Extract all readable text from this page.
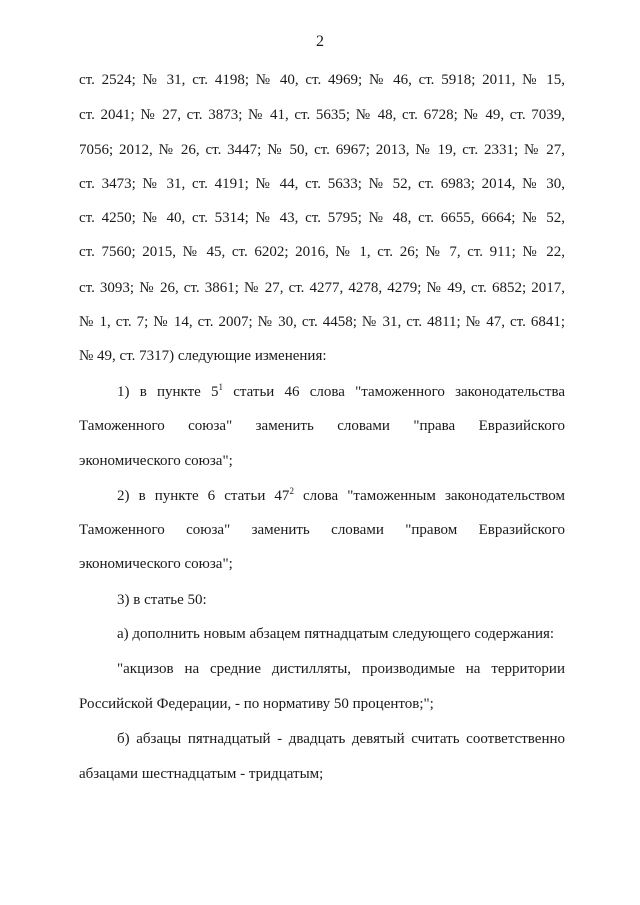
2
ст. 2524; № 31, ст. 4198; № 40, ст. 4969; № 46, ст. 5918; 2011, № 15,
ст. 2041; № 27, ст. 3873; № 41, ст. 5635; № 48, ст. 6728; № 49, ст. 7039,
7056; 2012, № 26, ст. 3447; № 50, ст. 6967; 2013, № 19, ст. 2331; № 27,
ст. 3473; № 31, ст. 4191; № 44, ст. 5633; № 52, ст. 6983; 2014, № 30,
ст. 4250; № 40, ст. 5314; № 43, ст. 5795; № 48, ст. 6655, 6664; № 52,
ст. 7560; 2015, № 45, ст. 6202; 2016, № 1, ст. 26; № 7, ст. 911; № 22,
ст. 3093; № 26, ст. 3861; № 27, ст. 4277, 4278, 4279; № 49, ст. 6852; 2017,
№ 1, ст. 7; № 14, ст. 2007; № 30, ст. 4458; № 31, ст. 4811; № 47, ст. 6841;
№ 49, ст. 7317) следующие изменения:
1) в пункте $5^1$ статьи 46 слова "таможенного законодательства
Таможенного союза" заменить словами "права Евразийского
экономического союза";
2) в пункте 6 статьи $47^2$ слова "таможенным законодательством
Таможенного союза" заменить словами "правом Евразийского
экономического союза";
3) в статье 50:
а) дополнить новым абзацем пятнадцатым следующего содержания:
"акцизов на средние дистилляты, производимые на территории
Российской Федерации, - по нормативу 50 процентов;";
б) абзацы пятнадцатый - двадцать девятый считать соответственно
абзацами шестнадцатым - тридцатым;
